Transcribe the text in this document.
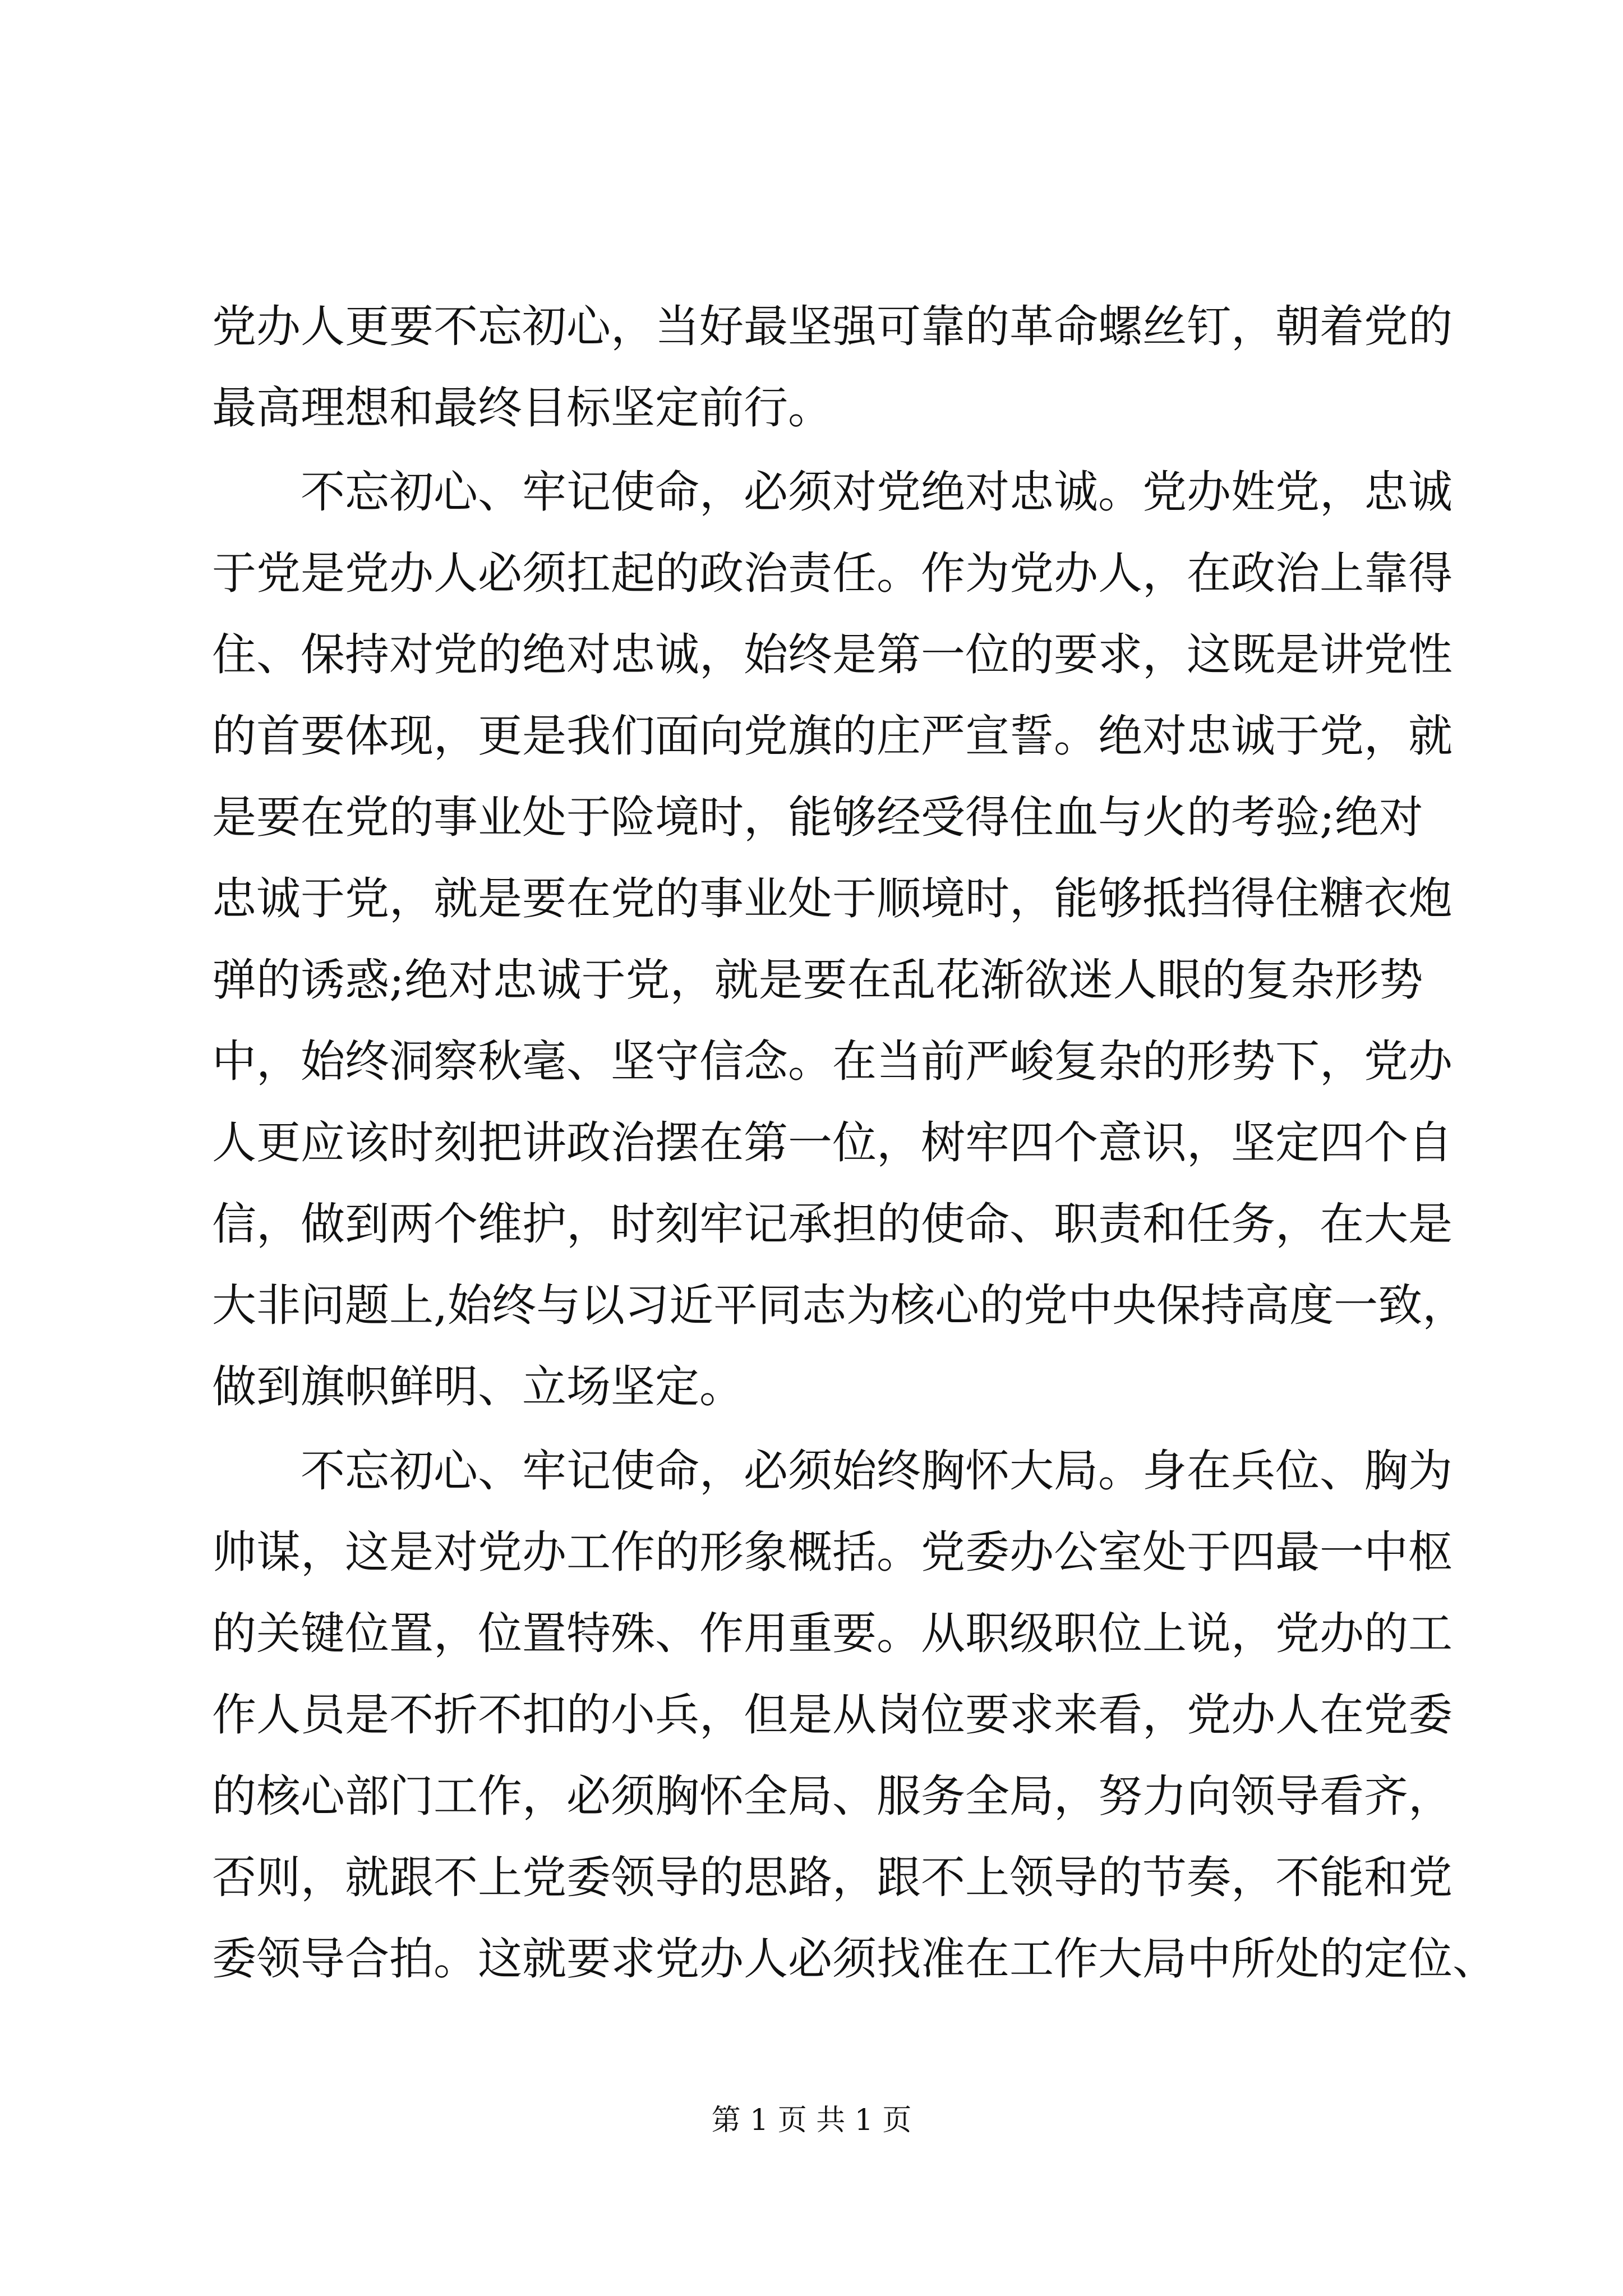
党办人更要不忘初心，当好最坚强可靠的革命螺丝钉，朝着党的
最高理想和最终目标坚定前行。
不忘初心、牢记使命，必须对党绝对忠诚。党办姓党，忠诚
于党是党办人必须扛起的政治责任。作为党办人，在政治上靠得
住、保持对党的绝对忠诚，始终是第一位的要求，这既是讲党性
的首要体现，更是我们面向党旗的庄严宣誓。绝对忠诚于党，就
是要在党的事业处于险境时，能够经受得住血与火的考验;绝对
忠诚于党，就是要在党的事业处于顺境时，能够抵挡得住糖衣炮
弹的诱惑;绝对忠诚于党，就是要在乱花渐欲迷人眼的复杂形势
中，始终洞察秋毫、坚守信念。在当前严峻复杂的形势下，党办
人更应该时刻把讲政治摆在第一位，树牢四个意识，坚定四个自
信，做到两个维护，时刻牢记承担的使命、职责和任务，在大是
大非问题上,始终与以习近平同志为核心的党中央保持高度一致，
做到旗帜鲜明、立场坚定。
不忘初心、牢记使命，必须始终胸怀大局。身在兵位、胸为
帅谋，这是对党办工作的形象概括。党委办公室处于四最一中枢
的关键位置，位置特殊、作用重要。从职级职位上说，党办的工
作人员是不折不扣的小兵，但是从岗位要求来看，党办人在党委
的核心部门工作，必须胸怀全局、服务全局，努力向领导看齐，
否则，就跟不上党委领导的思路，跟不上领导的节奏，不能和党
委领导合拍。这就要求党办人必须找准在工作大局中所处的定位、
第 1 页 共 1 页
